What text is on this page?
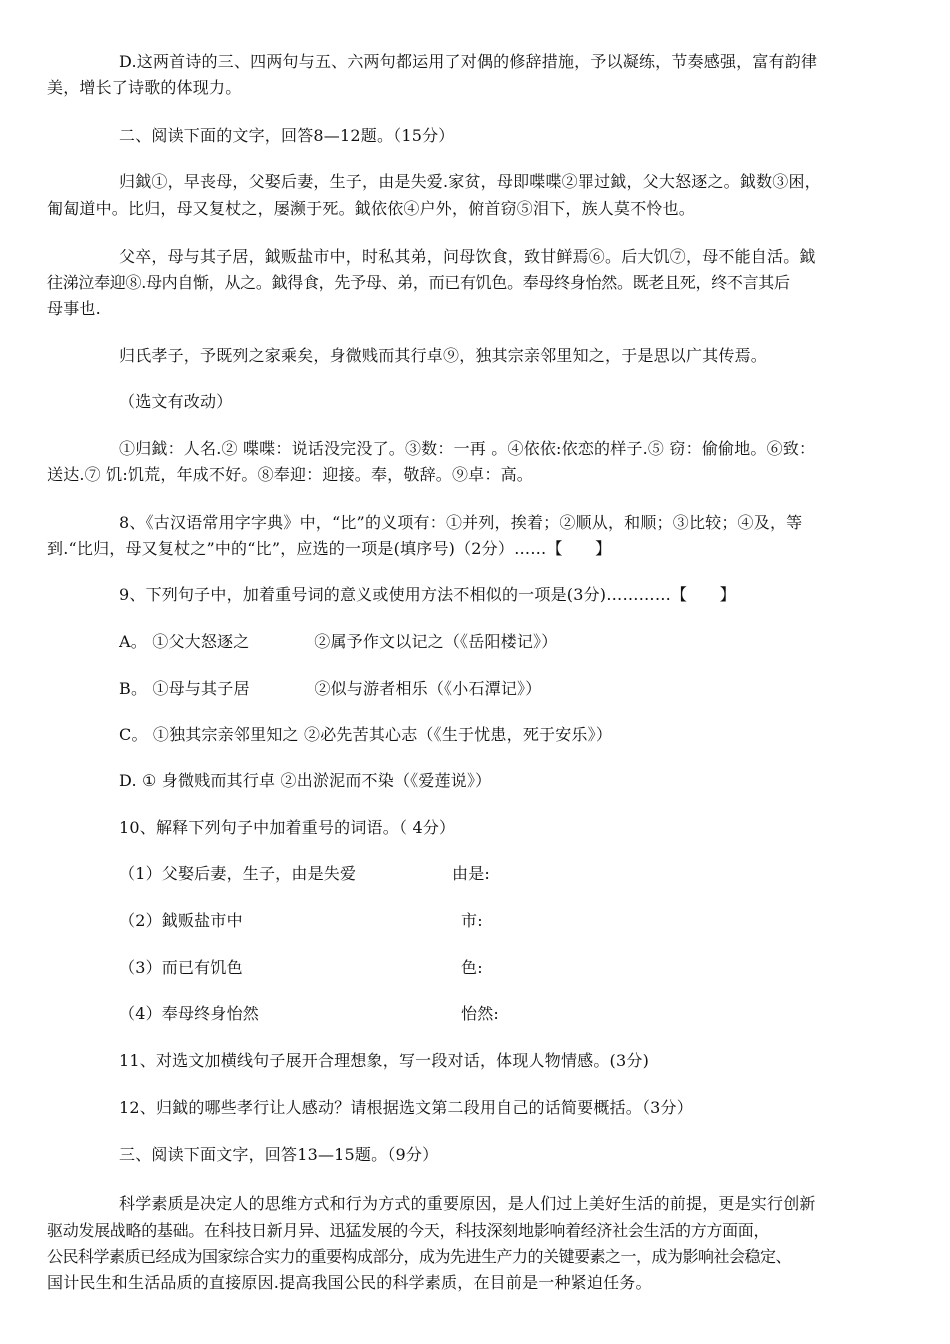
D.这两首诗的三、四两句与五、六两句都运用了对偶的修辞措施，予以凝练，节奏感强，富有韵律
美，增长了诗歌的体现力。
二、阅读下面的文字，回答8—12题。（15分）
归鉞①，早丧母，父娶后妻，生子，由是失爱.家贫，母即喋喋②罪过鉞，父大怒逐之。鉞数③困，
匍匐道中。比归，母又复杖之，屡濒于死。鉞依依④户外，俯首窃⑤泪下，族人莫不怜也。
父卒，母与其子居，鉞贩盐市中，时私其弟，问母饮食，致甘鲜焉⑥。后大饥⑦，母不能自活。鉞
往涕泣奉迎⑧.母内自惭，从之。鉞得食，先予母、弟，而已有饥色。奉母终身怡然。既老且死，终不言其后
母事也.
归氏孝子，予既列之家乘矣，身微贱而其行卓⑨，独其宗亲邻里知之，于是思以广其传焉。
（选文有改动）
①归鉞：人名.② 喋喋：说话没完没了。③数：一再 。④依依:依恋的样子.⑤ 窃：偷偷地。⑥致：
送达.⑦ 饥:饥荒，年成不好。⑧奉迎：迎接。奉，敬辞。⑨卓：高。
8、《古汉语常用字字典》中，“比”的义项有：①并列，挨着；②顺从，和顺；③比较；④及，等
到.“比归，母又复杖之”中的“比”，应选的一项是(填序号)（2分）……【　　】
9、下列句子中，加着重号词的意义或使用方法不相似的一项是(3分)…………【　　】
A。 ①父大怒逐之　　　　②属予作文以记之（《岳阳楼记》）
B。 ①母与其子居　　　　②似与游者相乐（《小石潭记》）
C。 ①独其宗亲邻里知之 ②必先苦其心志（《生于忧患，死于安乐》）
D. ① 身微贱而其行卓 ②出淤泥而不染（《爱莲说》）
10、解释下列句子中加着重号的词语。（ 4分）
（1）父娶后妻，生子，由是失爱	由是:
（2）鉞贩盐市中	市:
（3）而已有饥色	色:
（4）奉母终身怡然	怡然:
11、对选文加横线句子展开合理想象，写一段对话，体现人物情感。(3分)
12、归鉞的哪些孝行让人感动？请根据选文第二段用自己的话简要概括。（3分）
三、阅读下面文字，回答13—15题。（9分）
科学素质是决定人的思维方式和行为方式的重要原因，是人们过上美好生活的前提，更是实行创新
驱动发展战略的基础。在科技日新月异、迅猛发展的今天，科技深刻地影响着经济社会生活的方方面面，
公民科学素质已经成为国家综合实力的重要构成部分，成为先进生产力的关键要素之一，成为影响社会稳定、
国计民生和生活品质的直接原因.提高我国公民的科学素质，在目前是一种紧迫任务。
